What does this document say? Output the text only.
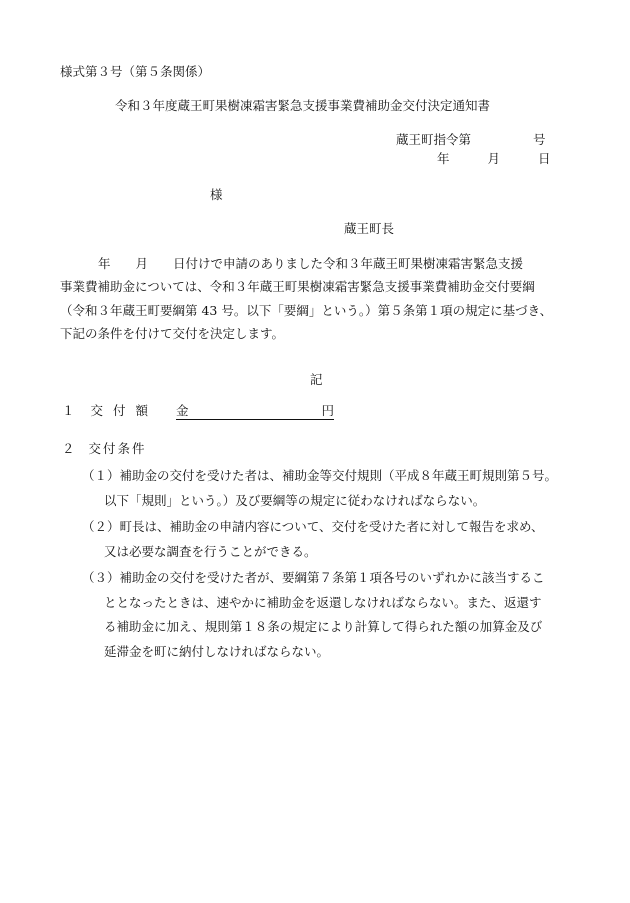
様式第３号（第５条関係）
令和３年度蔵王町果樹凍霜害緊急支援事業費補助金交付決定通知書
蔵王町指令第	号
年	月	日
様
蔵王町長
年　　月　　日付けで申請のありました令和３年蔵王町果樹凍霜害緊急支援
事業費補助金については、令和３年蔵王町果樹凍霜害緊急支援事業費補助金交付要綱
（令和３年蔵王町要綱第 43 号。以下「要綱」という。）第５条第１項の規定に基づき、
下記の条件を付けて交付を決定します。
記
１ 交付額 金	円
２ 交付条件
（１）補助金の交付を受けた者は、補助金等交付規則（平成８年蔵王町規則第５号。
以下「規則」という。）及び要綱等の規定に従わなければならない。
（２）町長は、補助金の申請内容について、交付を受けた者に対して報告を求め、
又は必要な調査を行うことができる。
（３）補助金の交付を受けた者が、要綱第７条第１項各号のいずれかに該当するこ
ととなったときは、速やかに補助金を返還しなければならない。また、返還す
る補助金に加え、規則第１８条の規定により計算して得られた額の加算金及び
延滞金を町に納付しなければならない。
